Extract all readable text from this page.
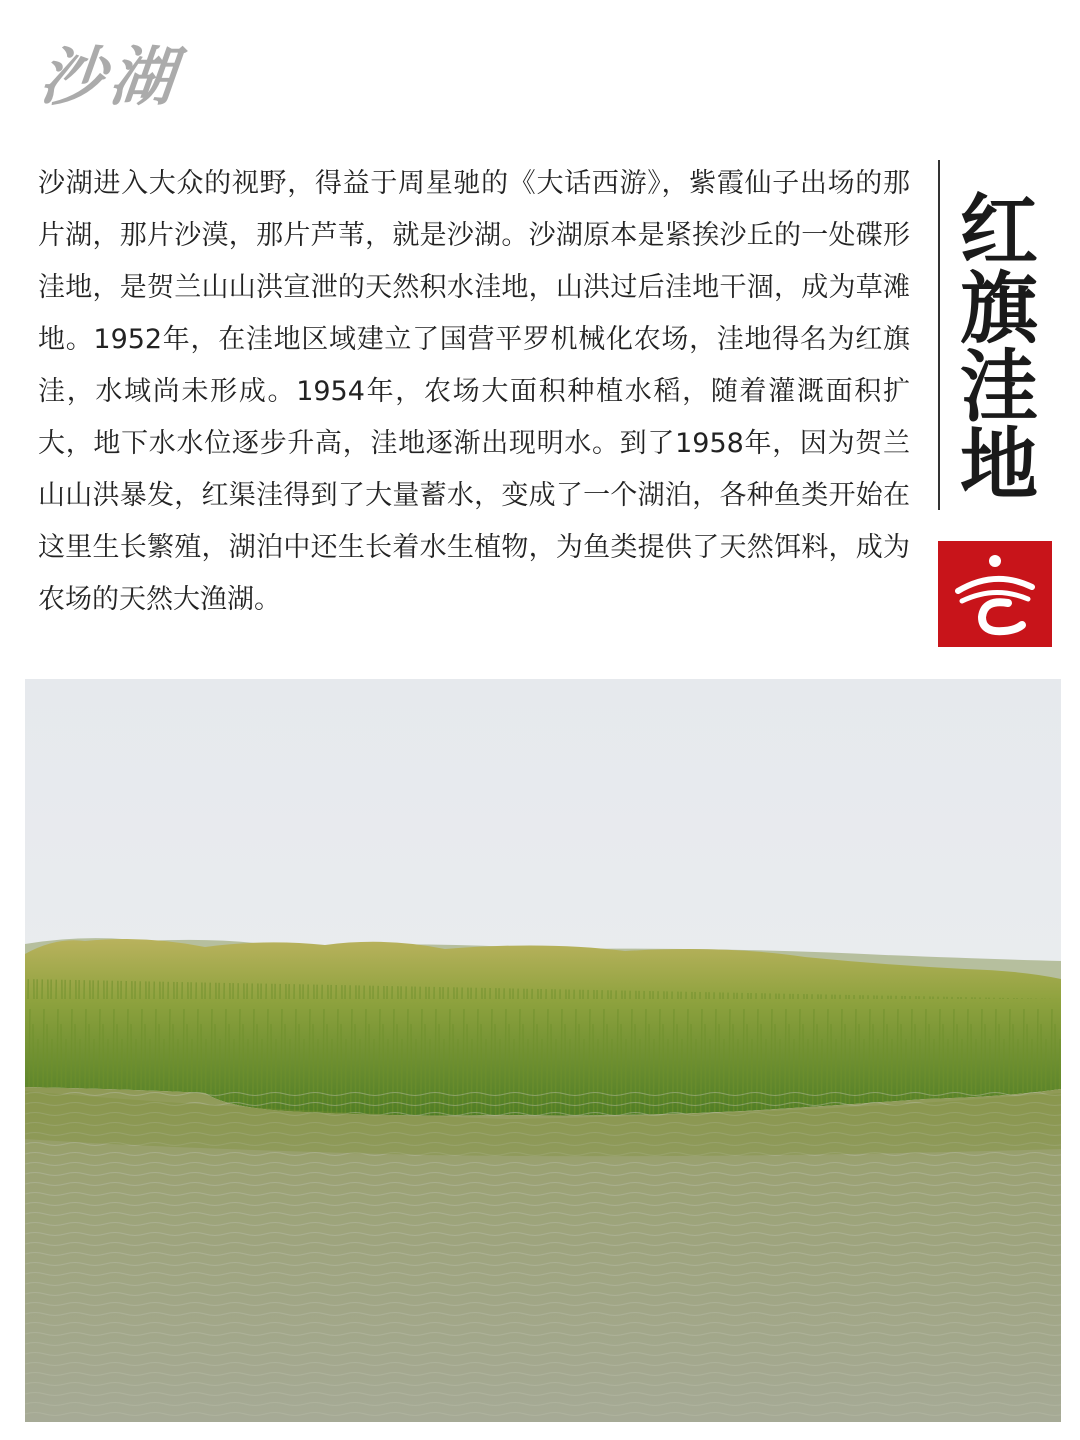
沙湖

沙湖进入大众的视野，得益于周星驰的《大话西游》，紫霞仙子出场的那片湖，那片沙漠，那片芦苇，就是沙湖。沙湖原本是紧挨沙丘的一处碟形洼地，是贺兰山山洪宣泄的天然积水洼地，山洪过后洼地干涸，成为草滩地。1952年，在洼地区域建立了国营平罗机械化农场，洼地得名为红旗洼，水域尚未形成。1954年，农场大面积种植水稻，随着灌溉面积扩大，地下水水位逐步升高，洼地逐渐出现明水。到了1958年，因为贺兰山山洪暴发，红渠洼得到了大量蓄水，变成了一个湖泊，各种鱼类开始在这里生长繁殖，湖泊中还生长着水生植物，为鱼类提供了天然饵料，成为农场的天然大渔湖。

红旗洼地
